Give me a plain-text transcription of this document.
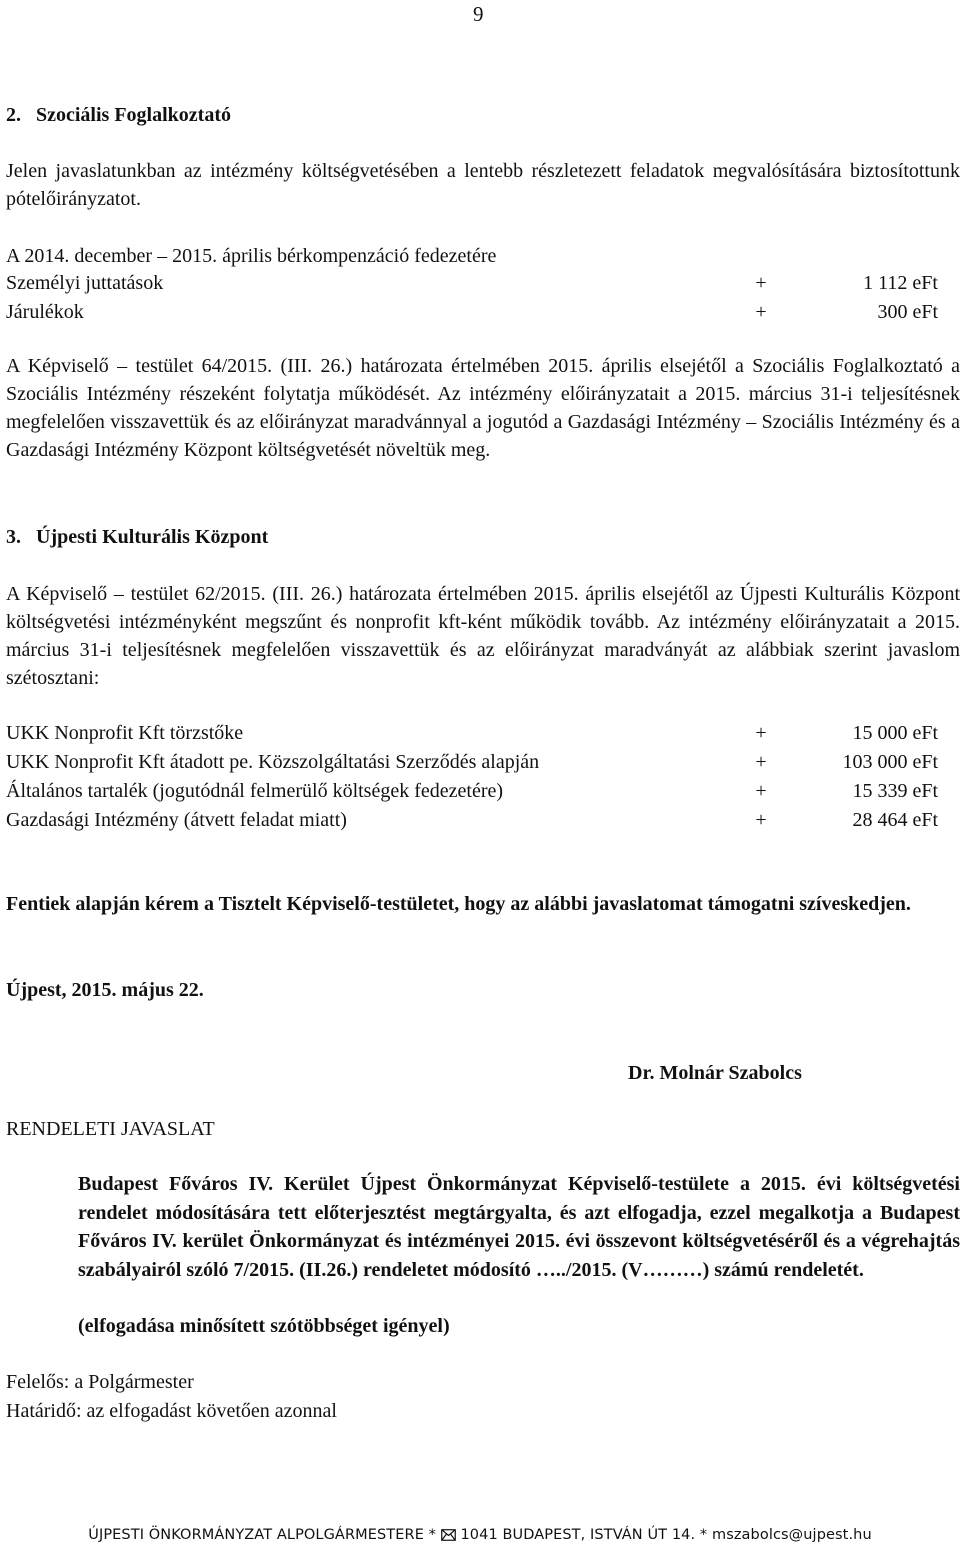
9
2.   Szociális Foglalkoztató
Jelen javaslatunkban az intézmény költségvetésében a lentebb részletezett feladatok megvalósítására biztosítottunk pótelőirányzatot.
A 2014. december – 2015. április bérkompenzáció fedezetére
Személyi juttatások	+	1 112 eFt
Járulékok	+	300 eFt
A Képviselő – testület 64/2015. (III. 26.) határozata értelmében 2015. április elsejétől a Szociális Foglalkoztató a Szociális Intézmény részeként folytatja működését. Az intézmény előirányzatait a 2015. március 31-i teljesítésnek megfelelően visszavettük és az előirányzat maradvánnyal a jogutód a Gazdasági Intézmény – Szociális Intézmény és a Gazdasági Intézmény Központ költségvetését növeltük meg.
3.   Újpesti Kulturális Központ
A Képviselő – testület 62/2015. (III. 26.) határozata értelmében 2015. április elsejétől az Újpesti Kulturális Központ költségvetési intézményként megszűnt és nonprofit kft-ként működik tovább. Az intézmény előirányzatait a 2015. március 31-i teljesítésnek megfelelően visszavettük és az előirányzat maradványát az alábbiak szerint javaslom szétosztani:
UKK Nonprofit Kft törzstőke	+	15 000 eFt
UKK Nonprofit Kft átadott pe. Közszolgáltatási Szerződés alapján	+	103 000 eFt
Általános tartalék (jogutódnál felmerülő költségek fedezetére)	+	15 339 eFt
Gazdasági Intézmény (átvett feladat miatt)	+	28 464 eFt
Fentiek alapján kérem a Tisztelt Képviselő-testületet, hogy az alábbi javaslatomat támogatni szíveskedjen.
Újpest, 2015. május 22.
Dr. Molnár Szabolcs
RENDELETI JAVASLAT
Budapest Főváros IV. Kerület Újpest Önkormányzat Képviselő-testülete a 2015. évi költségvetési rendelet módosítására tett előterjesztést megtárgyalta, és azt elfogadja, ezzel megalkotja a Budapest Főváros IV. kerület Önkormányzat és intézményei 2015. évi összevont költségvetéséről és a végrehajtás szabályairól szóló 7/2015. (II.26.) rendeletet módosító …../2015. (V………) számú rendeletét.
(elfogadása minősített szótöbbséget igényel)
Felelős: a Polgármester
Határidő: az elfogadást követően azonnal
ÚJPESTI ÖNKORMÁNYZAT ALPOLGÁRMESTERE * 1041 BUDAPEST, ISTVÁN ÚT 14. * mszabolcs@ujpest.hu
